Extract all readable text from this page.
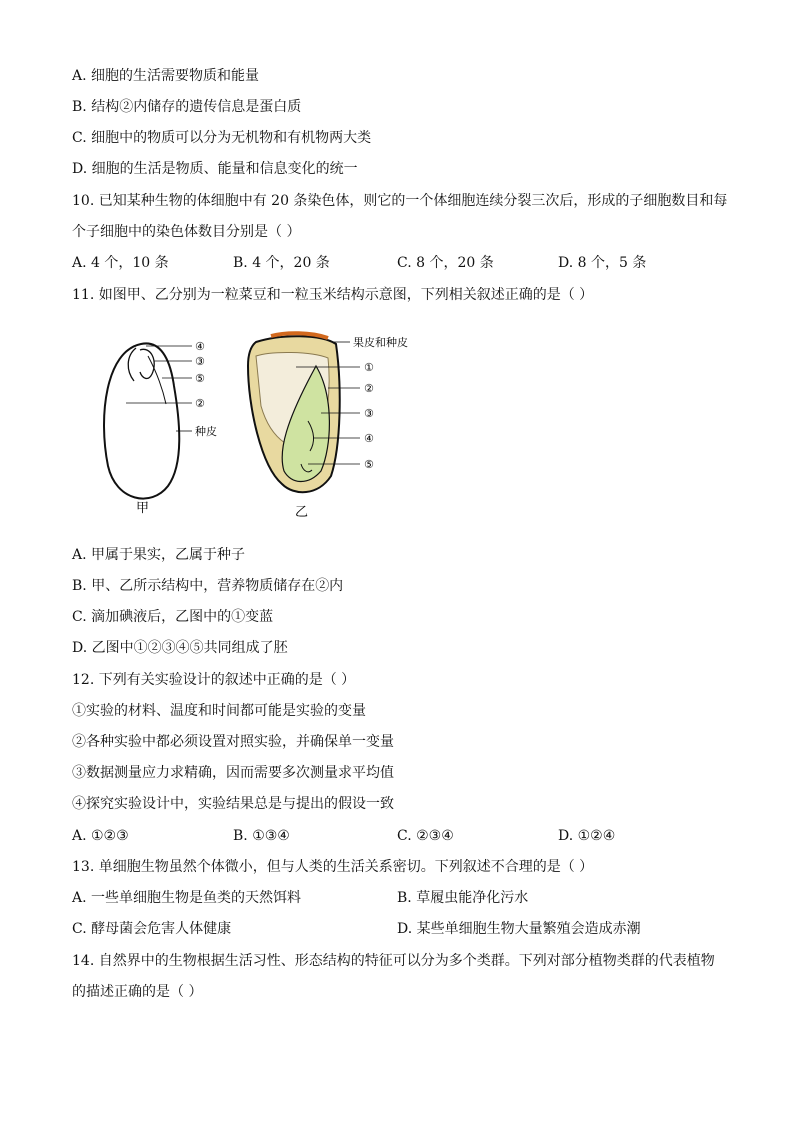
A. 细胞的生活需要物质和能量
B. 结构②内储存的遗传信息是蛋白质
C. 细胞中的物质可以分为无机物和有机物两大类
D. 细胞的生活是物质、能量和信息变化的统一
10. 已知某种生物的体细胞中有 20 条染色体，则它的一个体细胞连续分裂三次后，形成的子细胞数目和每
个子细胞中的染色体数目分别是（ ）
A. 4 个，10 条	B. 4 个，20 条	C. 8 个，20 条	D. 8 个，5 条
11. 如图甲、乙分别为一粒菜豆和一粒玉米结构示意图，下列相关叙述正确的是（ ）
④
③
⑤
②
种皮
甲
果皮和种皮
①
②
③
④
⑤
乙
A. 甲属于果实，乙属于种子
B. 甲、乙所示结构中，营养物质储存在②内
C. 滴加碘液后，乙图中的①变蓝
D. 乙图中①②③④⑤共同组成了胚
12. 下列有关实验设计的叙述中正确的是（ ）
①实验的材料、温度和时间都可能是实验的变量
②各种实验中都必须设置对照实验，并确保单一变量
③数据测量应力求精确，因而需要多次测量求平均值
④探究实验设计中，实验结果总是与提出的假设一致
A. ①②③	B. ①③④	C. ②③④	D. ①②④
13. 单细胞生物虽然个体微小，但与人类的生活关系密切。下列叙述不合理的是（ ）
A. 一些单细胞生物是鱼类的天然饵料	B. 草履虫能净化污水
C. 酵母菌会危害人体健康	D. 某些单细胞生物大量繁殖会造成赤潮
14. 自然界中的生物根据生活习性、形态结构的特征可以分为多个类群。下列对部分植物类群的代表植物
的描述正确的是（ ）
